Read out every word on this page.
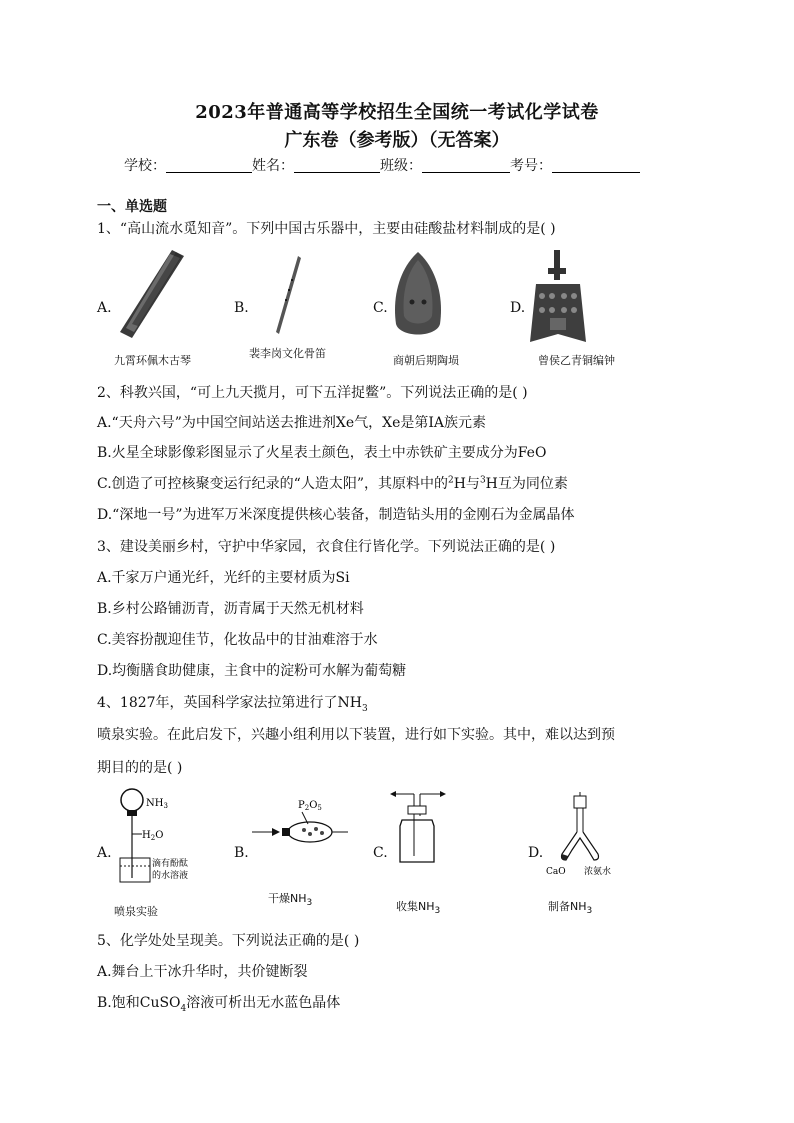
2023年普通高等学校招生全国统一考试化学试卷
广东卷（参考版）（无答案）
学校：	姓名：	班级：	考号：
一、单选题
1、“高山流水觅知音”。下列中国古乐器中，主要由硅酸盐材料制成的是( )
A.
九霄环佩木古琴
B.
裴李岗文化骨笛
C.
商朝后期陶埙
D.
曾侯乙青铜编钟
2、科教兴国，“可上九天揽月，可下五洋捉鳖”。下列说法正确的是( )
A.“天舟六号”为中国空间站送去推进剂Xe气，Xe是第IA族元素
B.火星全球影像彩图显示了火星表土颜色，表土中赤铁矿主要成分为FeO
C.创造了可控核聚变运行纪录的“人造太阳”，其原料中的$^2$H与$^3$H互为同位素
D.“深地一号”为进军万米深度提供核心装备，制造钻头用的金刚石为金属晶体
3、建设美丽乡村，守护中华家园，衣食住行皆化学。下列说法正确的是( )
A.千家万户通光纤，光纤的主要材质为Si
B.乡村公路铺沥青，沥青属于天然无机材料
C.美容扮靓迎佳节，化妆品中的甘油难溶于水
D.均衡膳食助健康，主食中的淀粉可水解为葡萄糖
4、1827年，英国科学家法拉第进行了$NH_3$
喷泉实验。在此启发下，兴趣小组利用以下装置，进行如下实验。其中，难以达到预
期目的的是( )
A.
$NH_3$
$H_2O$
滴有酚酞
的水溶液
喷泉实验
B.
$P_2O_5$
干燥$NH_3$
C.
收集$NH_3$
D.
CaO 浓氨水
制备$NH_3$
5、化学处处呈现美。下列说法正确的是( )
A.舞台上干冰升华时，共价键断裂
B.饱和CuSO$_4$溶液可析出无水蓝色晶体
